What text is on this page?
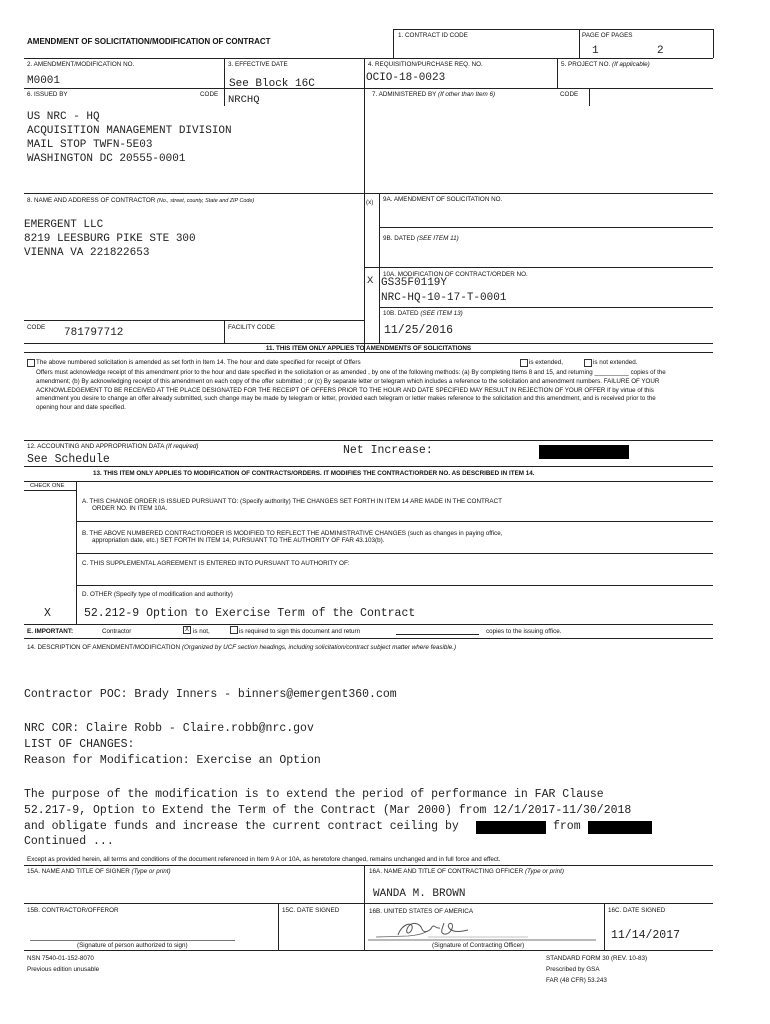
AMENDMENT OF SOLICITATION/MODIFICATION OF CONTRACT
1. CONTRACT ID CODE	PAGE OF PAGES
1	2
2. AMENDMENT/MODIFICATION NO.
M0001
3. EFFECTIVE DATE
See Block 16C
4. REQUISITION/PURCHASE REQ. NO.
OCIO-18-0023
5. PROJECT NO. (If applicable)
6. ISSUED BY	CODE NRCHQ	7. ADMINISTERED BY (If other than Item 6)	CODE
US NRC - HQ
ACQUISITION MANAGEMENT DIVISION
MAIL STOP TWFN-5E03
WASHINGTON DC 20555-0001
8. NAME AND ADDRESS OF CONTRACTOR (No., street, county, State and ZIP Code)
EMERGENT LLC
8219 LEESBURG PIKE STE 300
VIENNA VA 221822653
(x) 9A. AMENDMENT OF SOLICITATION NO.
9B. DATED (SEE ITEM 11)
10A. MODIFICATION OF CONTRACT/ORDER NO.
X GS35F0119Y
NRC-HQ-10-17-T-0001
10B. DATED (SEE ITEM 13)
11/25/2016
CODE 781797712	FACILITY CODE
11. THIS ITEM ONLY APPLIES TO AMENDMENTS OF SOLICITATIONS
The above numbered solicitation is amended as set forth in Item 14. The hour and date specified for receipt of Offers	is extended,	is not extended.
Offers must acknowledge receipt of this amendment prior to the hour and date specified in the solicitation or as amended , by one of the following methods: (a) By completing Items 8 and 15, and returning __________ copies of the amendment; (b) By acknowledging receipt of this amendment on each copy of the offer submitted ; or (c) By separate letter or telegram which includes a reference to the solicitation and amendment numbers. FAILURE OF YOUR ACKNOWLEDGEMENT TO BE RECEIVED AT THE PLACE DESIGNATED FOR THE RECEIPT OF OFFERS PRIOR TO THE HOUR AND DATE SPECIFIED MAY RESULT IN REJECTION OF YOUR OFFER If by virtue of this amendment you desire to change an offer already submitted, such change may be made by telegram or letter, provided each telegram or letter makes reference to the solicitation and this amendment, and is received prior to the opening hour and date specified.
12. ACCOUNTING AND APPROPRIATION DATA (If required)	Net Increase:
See Schedule
13. THIS ITEM ONLY APPLIES TO MODIFICATION OF CONTRACTS/ORDERS. IT MODIFIES THE CONTRACT/ORDER NO. AS DESCRIBED IN ITEM 14.
CHECK ONE
A. THIS CHANGE ORDER IS ISSUED PURSUANT TO: (Specify authority) THE CHANGES SET FORTH IN ITEM 14 ARE MADE IN THE CONTRACT
ORDER NO. IN ITEM 10A.
B. THE ABOVE NUMBERED CONTRACT/ORDER IS MODIFIED TO REFLECT THE ADMINISTRATIVE CHANGES (such as changes in paying office,
appropriation date, etc.) SET FORTH IN ITEM 14, PURSUANT TO THE AUTHORITY OF FAR 43.103(b).
C. THIS SUPPLEMENTAL AGREEMENT IS ENTERED INTO PURSUANT TO AUTHORITY OF:
D. OTHER (Specify type of modification and authority)
X	52.212-9 Option to Exercise Term of the Contract
E. IMPORTANT:	Contractor	X is not,	is required to sign this document and return	copies to the issuing office.
14. DESCRIPTION OF AMENDMENT/MODIFICATION (Organized by UCF section headings, including solicitation/contract subject matter where feasible.)
Contractor POC: Brady Inners - binners@emergent360.com
NRC COR: Claire Robb - Claire.robb@nrc.gov
LIST OF CHANGES:
Reason for Modification: Exercise an Option
The purpose of the modification is to extend the period of performance in FAR Clause
52.217-9, Option to Extend the Term of the Contract (Mar 2000) from 12/1/2017-11/30/2018
and obligate funds and increase the current contract ceiling by	from
Continued ...
Except as provided herein, all terms and conditions of the document referenced in Item 9 A or 10A, as heretofore changed, remains unchanged and in full force and effect.
15A. NAME AND TITLE OF SIGNER (Type or print)	16A. NAME AND TITLE OF CONTRACTING OFFICER (Type or print)
WANDA M. BROWN
15B. CONTRACTOR/OFFEROR	15C. DATE SIGNED	16B. UNITED STATES OF AMERICA	16C. DATE SIGNED
11/14/2017
(Signature of person authorized to sign)	(Signature of Contracting Officer)
NSN 7540-01-152-8070
Previous edition unusable
STANDARD FORM 30 (REV. 10-83)
Prescribed by GSA
FAR (48 CFR) 53.243
